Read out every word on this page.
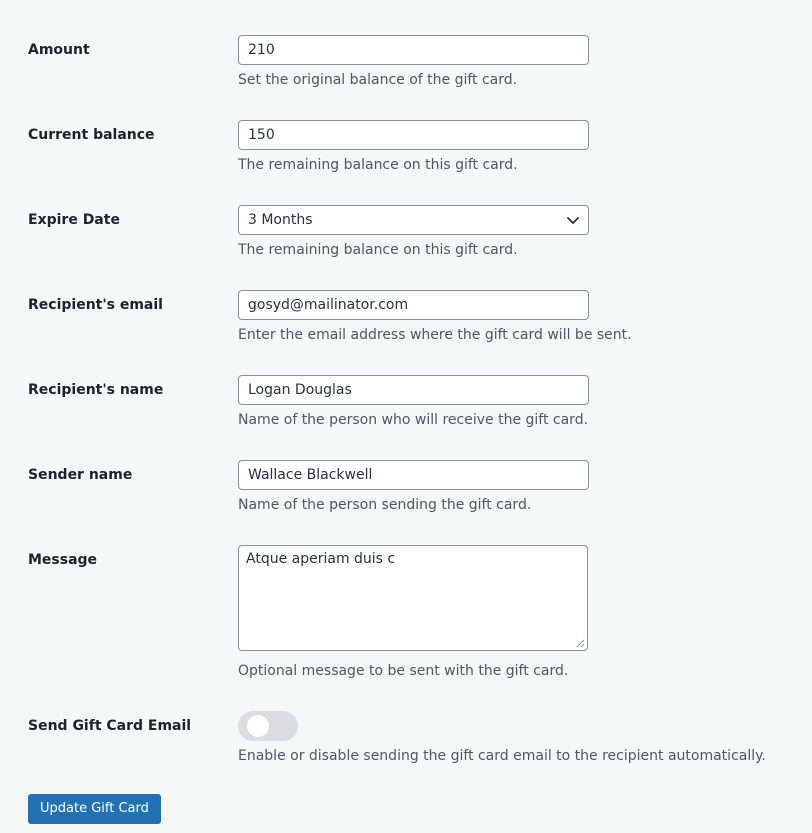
Amount
210
Set the original balance of the gift card.
Current balance
150
The remaining balance on this gift card.
Expire Date	3 Months
The remaining balance on this gift card.
Recipient's email
gosyd@mailinator.com
Enter the email address where the gift card will be sent.
Recipient's name
Logan Douglas
Name of the person who will receive the gift card.
Sender name
Wallace Blackwell
Name of the person sending the gift card.
Message	Atque aperiam duis c
Optional message to be sent with the gift card.
Send Gift Card Email
Enable or disable sending the gift card email to the recipient automatically.
Update Gift Card
